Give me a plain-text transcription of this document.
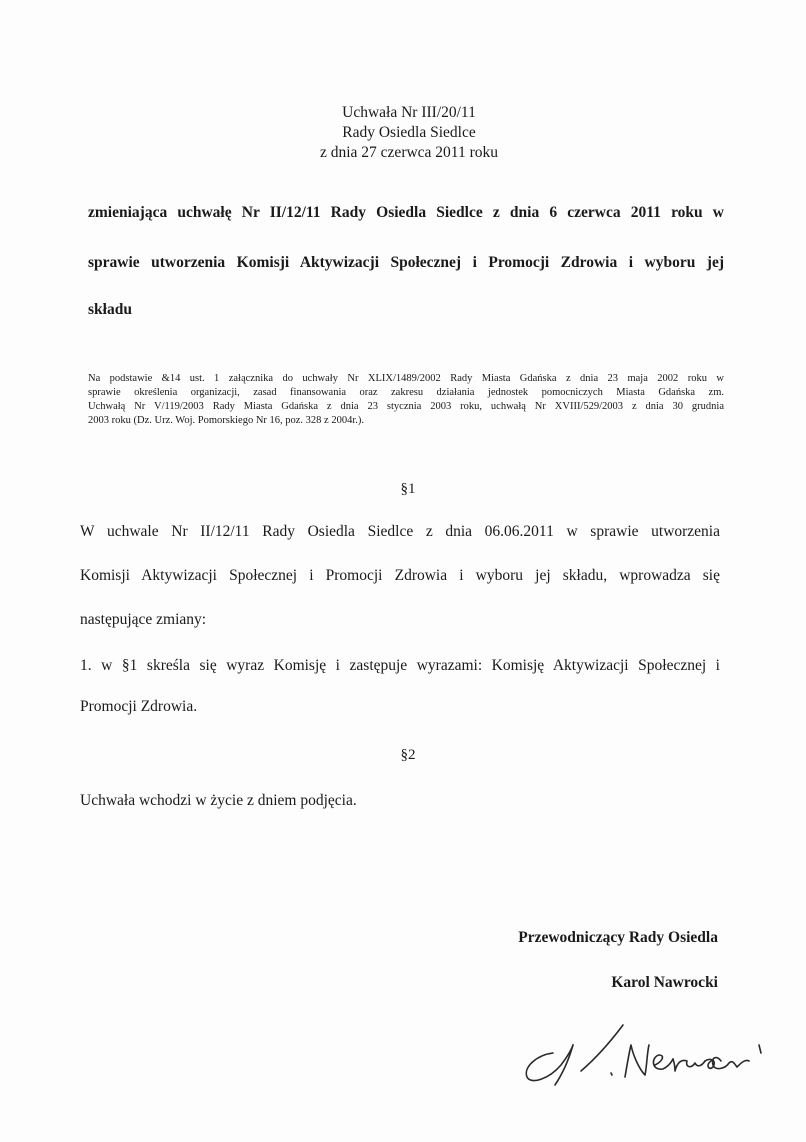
Uchwała Nr III/20/11
Rady Osiedla Siedlce
z dnia 27 czerwca 2011 roku
zmieniająca uchwałę Nr II/12/11 Rady Osiedla Siedlce z dnia 6 czerwca 2011 roku w
sprawie utworzenia Komisji Aktywizacji Społecznej i Promocji Zdrowia i wyboru jej
składu
Na podstawie &14 ust. 1 załącznika do uchwały Nr XLIX/1489/2002 Rady Miasta Gdańska z dnia 23 maja 2002 roku w
sprawie określenia organizacji, zasad finansowania oraz zakresu działania jednostek pomocniczych Miasta Gdańska zm.
Uchwałą Nr V/119/2003 Rady Miasta Gdańska z dnia 23 stycznia 2003 roku, uchwałą Nr XVIII/529/2003 z dnia 30 grudnia
2003 roku (Dz. Urz. Woj. Pomorskiego Nr 16, poz. 328 z 2004r.).
§1
W uchwale Nr II/12/11 Rady Osiedla Siedlce z dnia 06.06.2011 w sprawie utworzenia
Komisji Aktywizacji Społecznej i Promocji Zdrowia i wyboru jej składu, wprowadza się
następujące zmiany:
1. w §1 skreśla się wyraz Komisję i zastępuje wyrazami: Komisję Aktywizacji Społecznej i
Promocji Zdrowia.
§2
Uchwała wchodzi w życie z dniem podjęcia.
Przewodniczący Rady Osiedla
Karol Nawrocki
